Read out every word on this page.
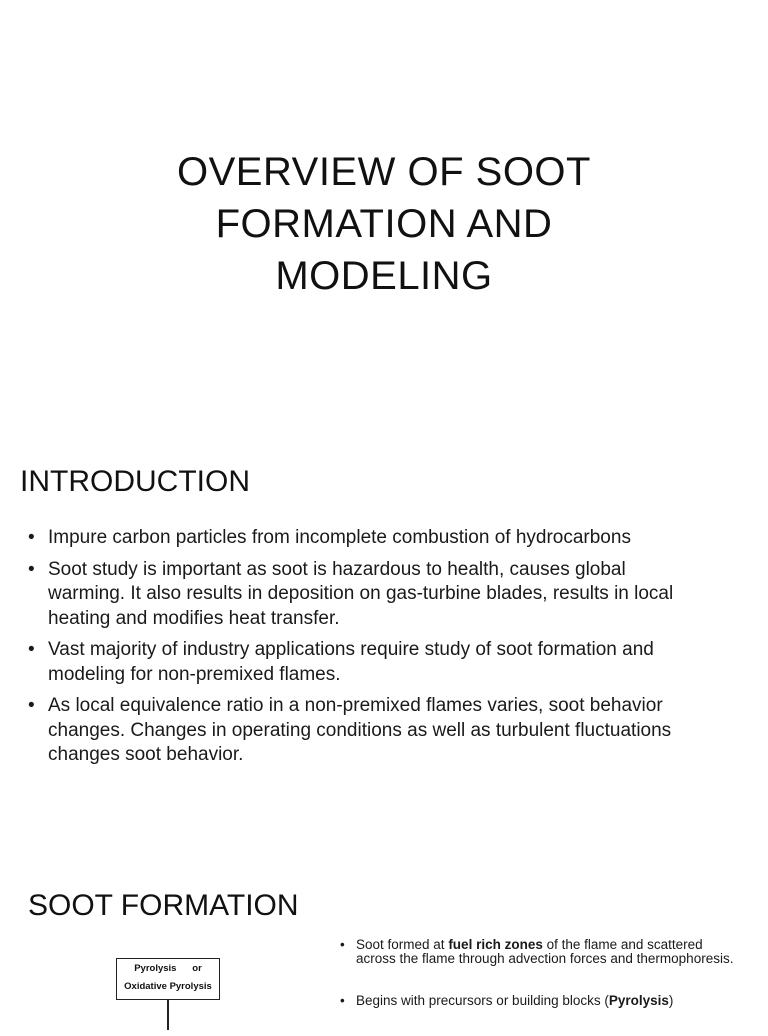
OVERVIEW OF SOOT
FORMATION AND
MODELING
INTRODUCTION
• Impure carbon particles from incomplete combustion of hydrocarbons
• Soot study is important as soot is hazardous to health, causes global warming. It also results in deposition on gas-turbine blades, results in local heating and modifies heat transfer.
• Vast majority of industry applications require study of soot formation and modeling for non-premixed flames.
• As local equivalence ratio in a non-premixed flames varies, soot behavior changes. Changes in operating conditions as well as turbulent fluctuations changes soot behavior.
SOOT FORMATION
Pyrolysis      or
Oxidative Pyrolysis
• Soot formed at fuel rich zones of the flame and scattered across the flame through advection forces and thermophoresis.
• Begins with precursors or building blocks (Pyrolysis)
